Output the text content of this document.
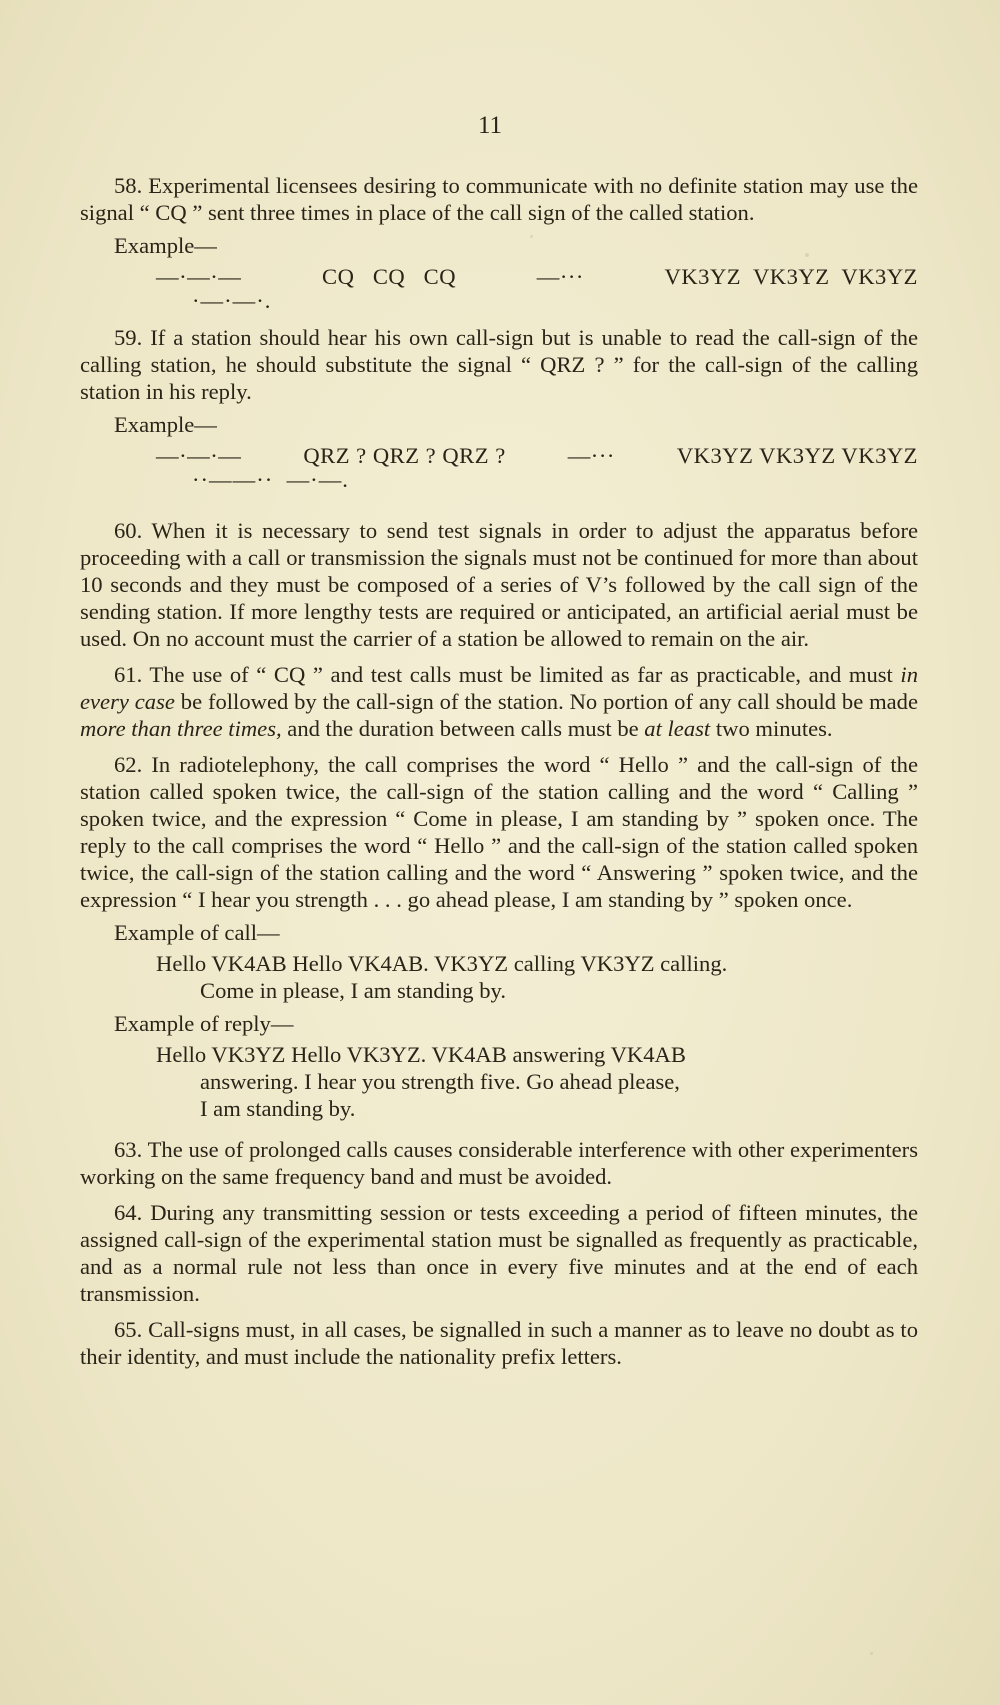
11

58. Experimental licensees desiring to communicate with no definite station may use the signal “ CQ ” sent three times in place of the call sign of the called station.

Example—
—·—·—	CQ   CQ   CQ	—···	VK3YZ  VK3YZ  VK3YZ
·—·—·.

59. If a station should hear his own call-sign but is unable to read the call-sign of the calling station, he should substitute the signal “ QRZ ? ” for the call-sign of the calling station in his reply.

Example—
—·—·—	QRZ ? QRZ ? QRZ ?	—···	VK3YZ VK3YZ VK3YZ
··——··  —·—.

60. When it is necessary to send test signals in order to adjust the apparatus before proceeding with a call or transmission the signals must not be continued for more than about 10 seconds and they must be composed of a series of V’s followed by the call sign of the sending station. If more lengthy tests are required or anticipated, an artificial aerial must be used. On no account must the carrier of a station be allowed to remain on the air.

61. The use of “ CQ ” and test calls must be limited as far as practicable, and must in every case be followed by the call-sign of the station. No portion of any call should be made more than three times, and the duration between calls must be at least two minutes.

62. In radiotelephony, the call comprises the word “ Hello ” and the call-sign of the station called spoken twice, the call-sign of the station calling and the word “ Calling ” spoken twice, and the expression “ Come in please, I am standing by ” spoken once. The reply to the call comprises the word “ Hello ” and the call-sign of the station called spoken twice, the call-sign of the station calling and the word “ Answering ” spoken twice, and the expression “ I hear you strength . . . go ahead please, I am standing by ” spoken once.

Example of call—
Hello VK4AB Hello VK4AB. VK3YZ calling VK3YZ calling.
Come in please, I am standing by.
Example of reply—
Hello VK3YZ Hello VK3YZ. VK4AB answering VK4AB
answering. I hear you strength five. Go ahead please,
I am standing by.

63. The use of prolonged calls causes considerable interference with other experimenters working on the same frequency band and must be avoided.

64. During any transmitting session or tests exceeding a period of fifteen minutes, the assigned call-sign of the experimental station must be signalled as frequently as practicable, and as a normal rule not less than once in every five minutes and at the end of each transmission.

65. Call-signs must, in all cases, be signalled in such a manner as to leave no doubt as to their identity, and must include the nationality prefix letters.
